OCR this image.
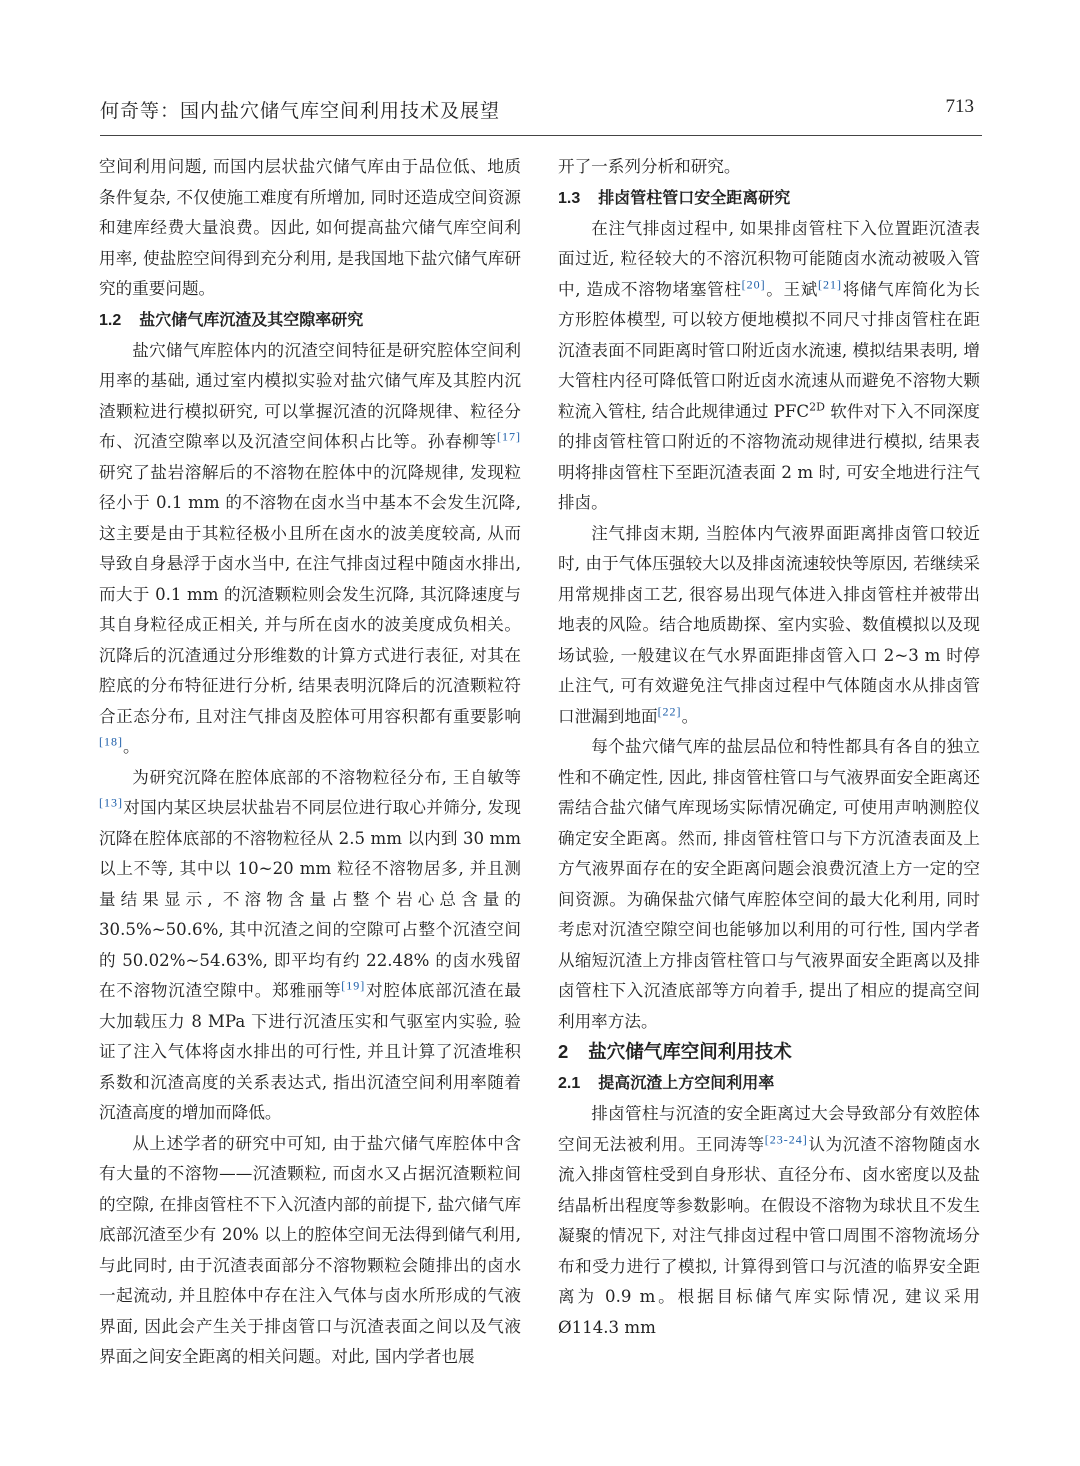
何奇等：国内盐穴储气库空间利用技术及展望	713

空间利用问题, 而国内层状盐穴储气库由于品位低、地质条件复杂, 不仅使施工难度有所增加, 同时还造成空间资源和建库经费大量浪费。因此, 如何提高盐穴储气库空间利用率, 使盐腔空间得到充分利用, 是我国地下盐穴储气库研究的重要问题。

1.2 盐穴储气库沉渣及其空隙率研究

盐穴储气库腔体内的沉渣空间特征是研究腔体空间利用率的基础, 通过室内模拟实验对盐穴储气库及其腔内沉渣颗粒进行模拟研究, 可以掌握沉渣的沉降规律、粒径分布、沉渣空隙率以及沉渣空间体积占比等。孙春柳等[17]研究了盐岩溶解后的不溶物在腔体中的沉降规律, 发现粒径小于 0.1 mm 的不溶物在卤水当中基本不会发生沉降, 这主要是由于其粒径极小且所在卤水的波美度较高, 从而导致自身悬浮于卤水当中, 在注气排卤过程中随卤水排出, 而大于 0.1 mm 的沉渣颗粒则会发生沉降, 其沉降速度与其自身粒径成正相关, 并与所在卤水的波美度成负相关。沉降后的沉渣通过分形维数的计算方式进行表征, 对其在腔底的分布特征进行分析, 结果表明沉降后的沉渣颗粒符合正态分布, 且对注气排卤及腔体可用容积都有重要影响[18]。

为研究沉降在腔体底部的不溶物粒径分布, 王自敏等[13]对国内某区块层状盐岩不同层位进行取心并筛分, 发现沉降在腔体底部的不溶物粒径从 2.5 mm 以内到 30 mm 以上不等, 其中以 10~20 mm 粒径不溶物居多, 并且测量结果显示, 不溶物含量占整个岩心总含量的 30.5%~50.6%, 其中沉渣之间的空隙可占整个沉渣空间的 50.02%~54.63%, 即平均有约 22.48% 的卤水残留在不溶物沉渣空隙中。郑雅丽等[19]对腔体底部沉渣在最大加载压力 8 MPa 下进行沉渣压实和气驱室内实验, 验证了注入气体将卤水排出的可行性, 并且计算了沉渣堆积系数和沉渣高度的关系表达式, 指出沉渣空间利用率随着沉渣高度的增加而降低。

从上述学者的研究中可知, 由于盐穴储气库腔体中含有大量的不溶物——沉渣颗粒, 而卤水又占据沉渣颗粒间的空隙, 在排卤管柱不下入沉渣内部的前提下, 盐穴储气库底部沉渣至少有 20% 以上的腔体空间无法得到储气利用, 与此同时, 由于沉渣表面部分不溶物颗粒会随排出的卤水一起流动, 并且腔体中存在注入气体与卤水所形成的气液界面, 因此会产生关于排卤管口与沉渣表面之间以及气液界面之间安全距离的相关问题。对此, 国内学者也展

开了一系列分析和研究。

1.3 排卤管柱管口安全距离研究

在注气排卤过程中, 如果排卤管柱下入位置距沉渣表面过近, 粒径较大的不溶沉积物可能随卤水流动被吸入管中, 造成不溶物堵塞管柱[20]。王斌[21]将储气库简化为长方形腔体模型, 可以较方便地模拟不同尺寸排卤管柱在距沉渣表面不同距离时管口附近卤水流速, 模拟结果表明, 增大管柱内径可降低管口附近卤水流速从而避免不溶物大颗粒流入管柱, 结合此规律通过 $PFC^{2D}$ 软件对下入不同深度的排卤管柱管口附近的不溶物流动规律进行模拟, 结果表明将排卤管柱下至距沉渣表面 2 m 时, 可安全地进行注气排卤。

注气排卤末期, 当腔体内气液界面距离排卤管口较近时, 由于气体压强较大以及排卤流速较快等原因, 若继续采用常规排卤工艺, 很容易出现气体进入排卤管柱并被带出地表的风险。结合地质勘探、室内实验、数值模拟以及现场试验, 一般建议在气水界面距排卤管入口 2~3 m 时停止注气, 可有效避免注气排卤过程中气体随卤水从排卤管口泄漏到地面[22]。

每个盐穴储气库的盐层品位和特性都具有各自的独立性和不确定性, 因此, 排卤管柱管口与气液界面安全距离还需结合盐穴储气库现场实际情况确定, 可使用声呐测腔仪确定安全距离。然而, 排卤管柱管口与下方沉渣表面及上方气液界面存在的安全距离问题会浪费沉渣上方一定的空间资源。为确保盐穴储气库腔体空间的最大化利用, 同时考虑对沉渣空隙空间也能够加以利用的可行性, 国内学者从缩短沉渣上方排卤管柱管口与气液界面安全距离以及排卤管柱下入沉渣底部等方向着手, 提出了相应的提高空间利用率方法。

2 盐穴储气库空间利用技术

2.1 提高沉渣上方空间利用率

排卤管柱与沉渣的安全距离过大会导致部分有效腔体空间无法被利用。王同涛等[23-24]认为沉渣不溶物随卤水流入排卤管柱受到自身形状、直径分布、卤水密度以及盐结晶析出程度等参数影响。在假设不溶物为球状且不发生凝聚的情况下, 对注气排卤过程中管口周围不溶物流场分布和受力进行了模拟, 计算得到管口与沉渣的临界安全距离为 0.9 m。根据目标储气库实际情况, 建议采用Ø114.3 mm
